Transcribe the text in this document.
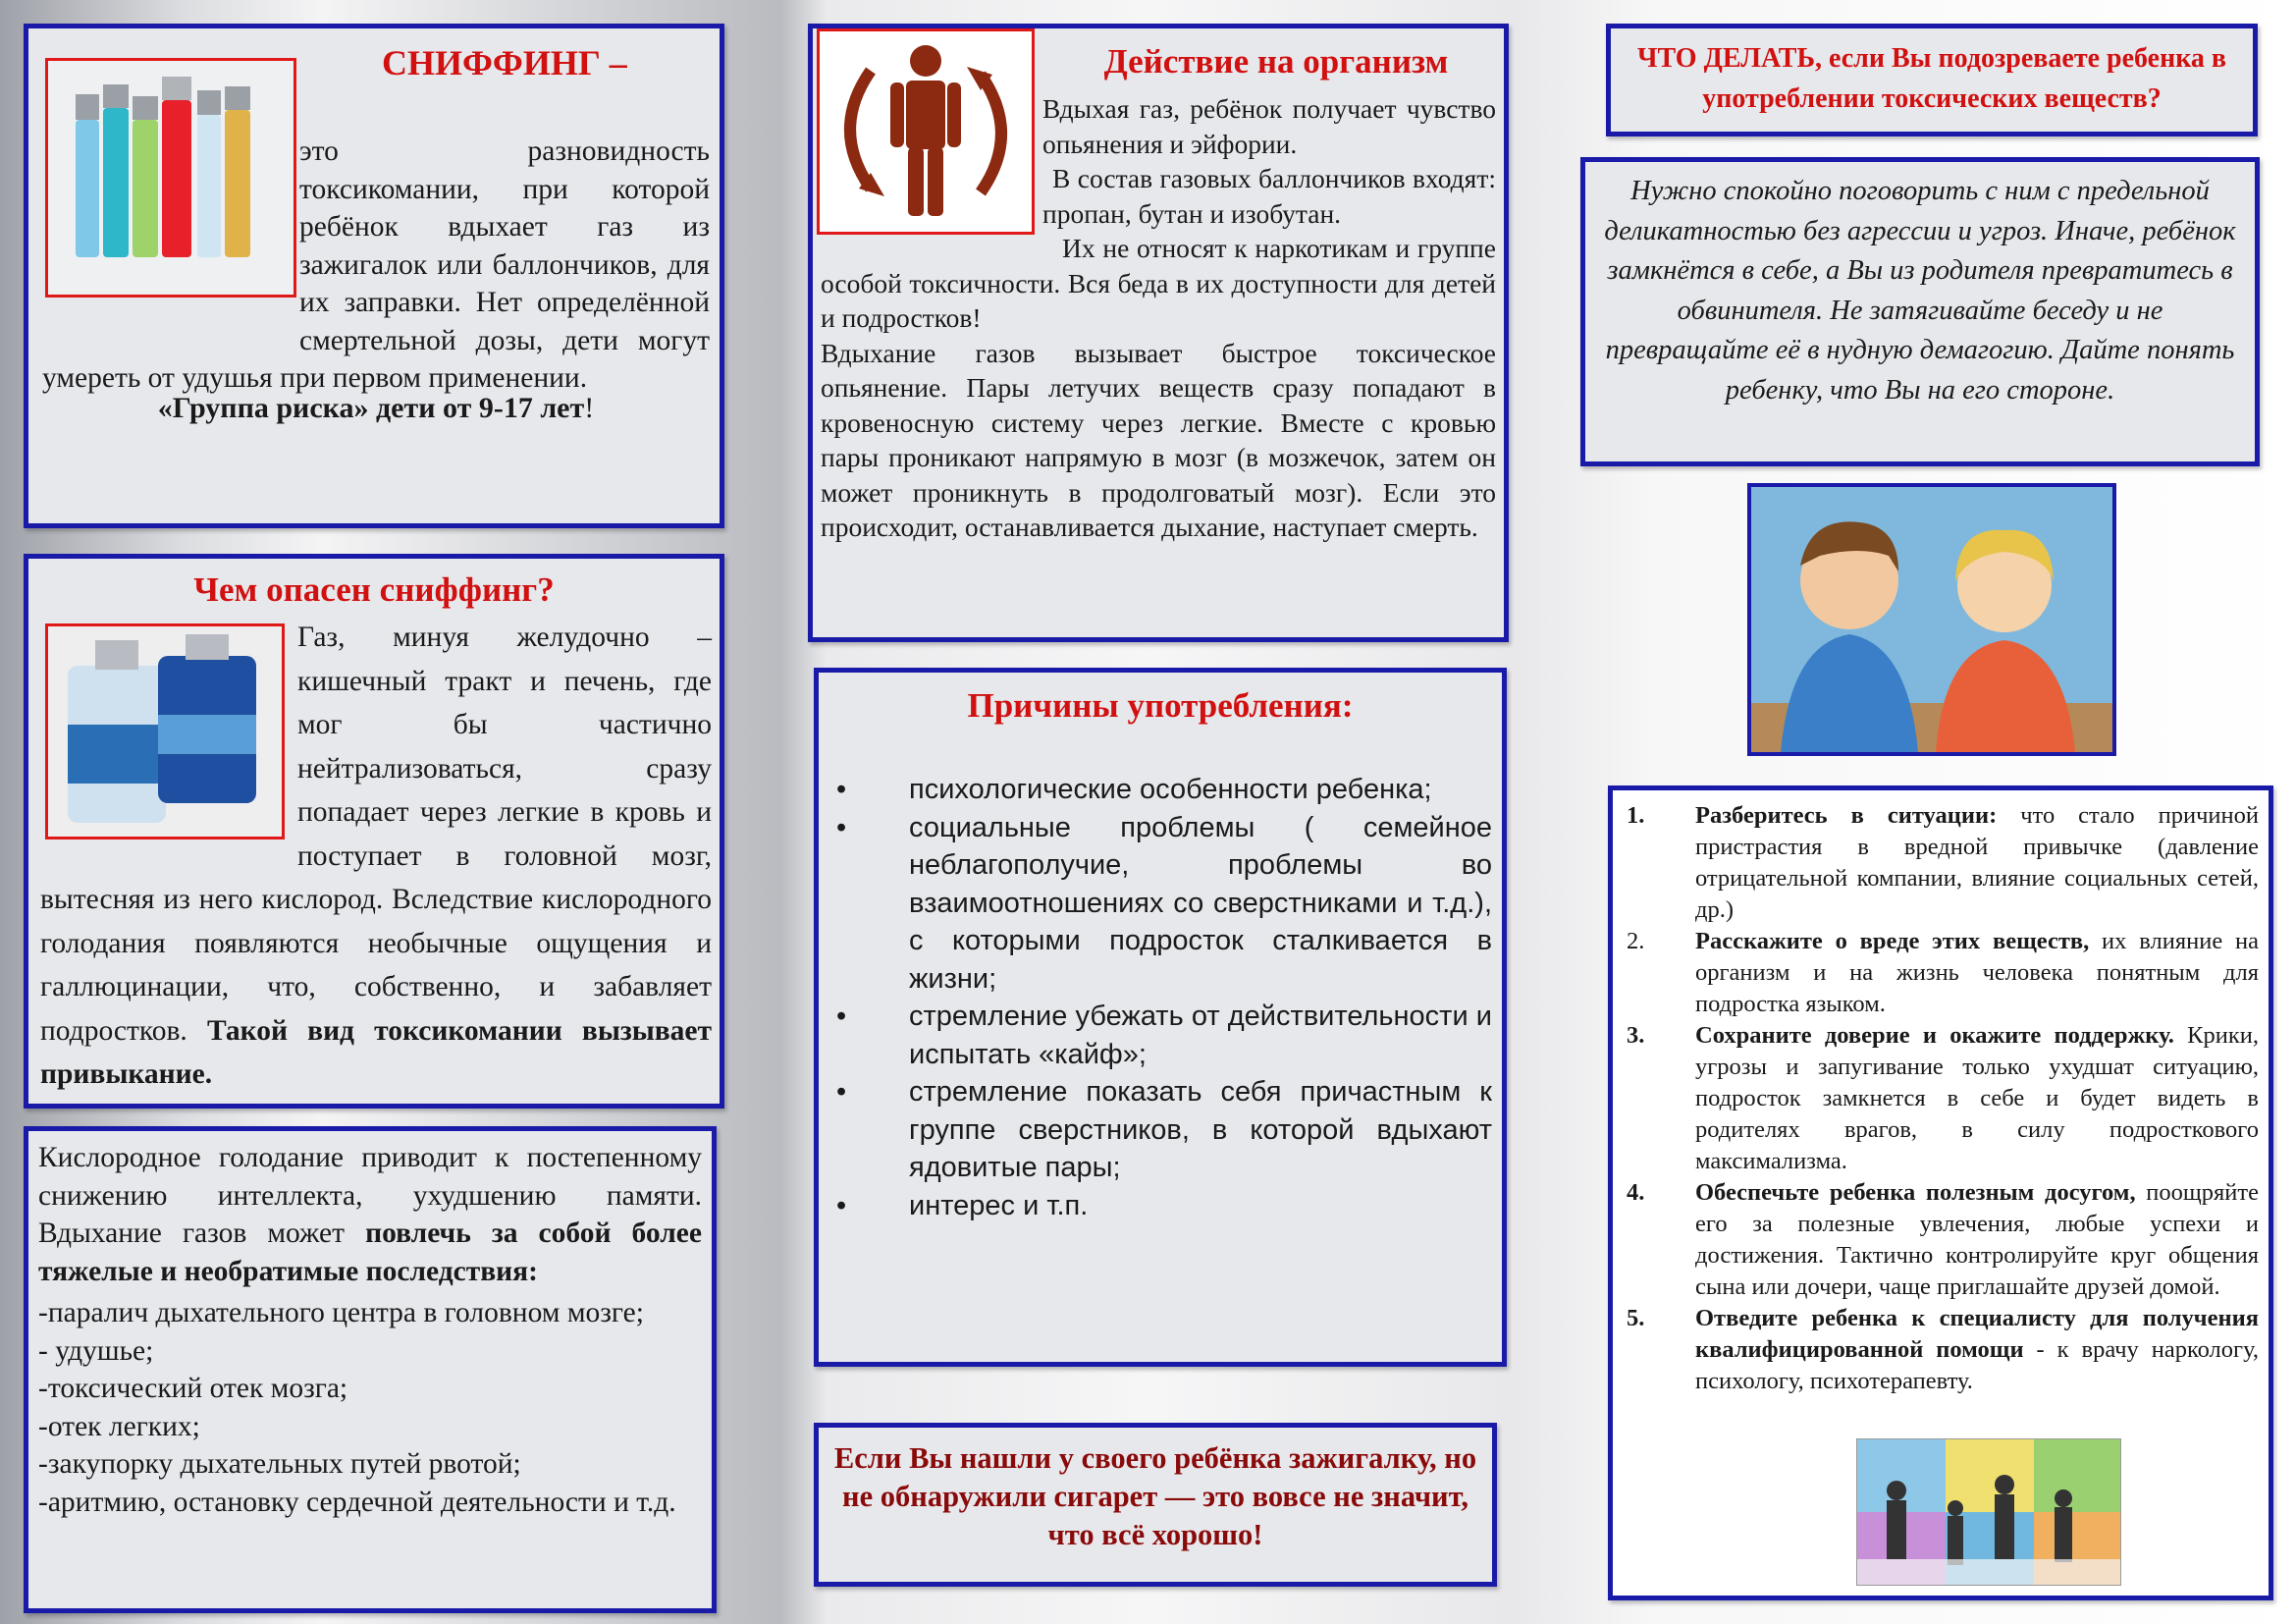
СНИФФИНГ –

это разновидность токсикомании, при которой ребёнок вдыхает газ из зажигалок или баллончиков, для их заправки. Нет определённой смертельной дозы, дети могут умереть от удушья при первом применении.

«Группа риска» дети от 9-17 лет!

Чем опасен сниффинг?

Газ, минуя желудочно – кишечный тракт и печень, где мог бы частично нейтрализоваться, сразу попадает через легкие в кровь и поступает в головной мозг, вытесняя из него кислород. Вследствие кислородного голодания появляются необычные ощущения и галлюцинации, что, собственно, и забавляет подростков. Такой вид токсикомании вызывает привыкание.

Кислородное голодание приводит к постепенному снижению интеллекта, ухудшению памяти. Вдыхание газов может повлечь за собой более тяжелые и необратимые последствия:

-паралич дыхательного центра в головном мозге;

- удушье;

-токсический отек мозга;

-отек легких;

-закупорку дыхательных путей рвотой;

-аритмию, остановку сердечной деятельности и т.д.

Действие на организм

Вдыхая газ, ребёнок получает чувство опьянения и эйфории.

В состав газовых баллончиков входят: пропан, бутан и изобутан.

Их не относят к наркотикам и группе особой токсичности. Вся беда в их доступности для детей и подростков!

Вдыхание газов вызывает быстрое токсическое опьянение. Пары летучих веществ сразу попадают в кровеносную систему через легкие. Вместе с кровью пары проникают напрямую в мозг (в мозжечок, затем он может проникнуть в продолговатый мозг). Если это происходит, останавливается дыхание, наступает смерть.

Причины употребления:
• психологические особенности ребенка;
• социальные проблемы ( семейное неблагополучие, проблемы во взаимоотношениях со сверстниками и т.д.), с которыми подросток сталкивается в жизни;
• стремление убежать от действительности и испытать «кайф»;
• стремление показать себя причастным к группе сверстников, в которой вдыхают ядовитые пары;
• интерес и т.п.

Если Вы нашли у своего ребёнка зажигалку, но не обнаружили сигарет — это вовсе не значит, что всё хорошо!

ЧТО ДЕЛАТЬ, если Вы подозреваете ребенка в употреблении токсических веществ?

Нужно спокойно поговорить с ним с предельной деликатностью без агрессии и угроз. Иначе, ребёнок замкнётся в себе, а Вы из родителя превратитесь в обвинителя. Не затягивайте беседу и не превращайте её в нудную демагогию. Дайте понять ребенку, что Вы на его стороне.

1. Разберитесь в ситуации: что стало причиной пристрастия в вредной привычке (давление отрицательной компании, влияние социальных сетей, др.)
2. Расскажите о вреде этих веществ, их влияние на организм и на жизнь человека понятным для подростка языком.
3. Сохраните доверие и окажите поддержку. Крики, угрозы и запугивание только ухудшат ситуацию, подросток замкнется в себе и будет видеть в родителях врагов, в силу подросткового максимализма.
4. Обеспечьте ребенка полезным досугом, поощряйте его за полезные увлечения, любые успехи и достижения. Тактично контролируйте круг общения сына или дочери, чаще приглашайте друзей домой.
5. Отведите ребенка к специалисту для получения квалифицированной помощи - к врачу наркологу, психологу, психотерапевту.
